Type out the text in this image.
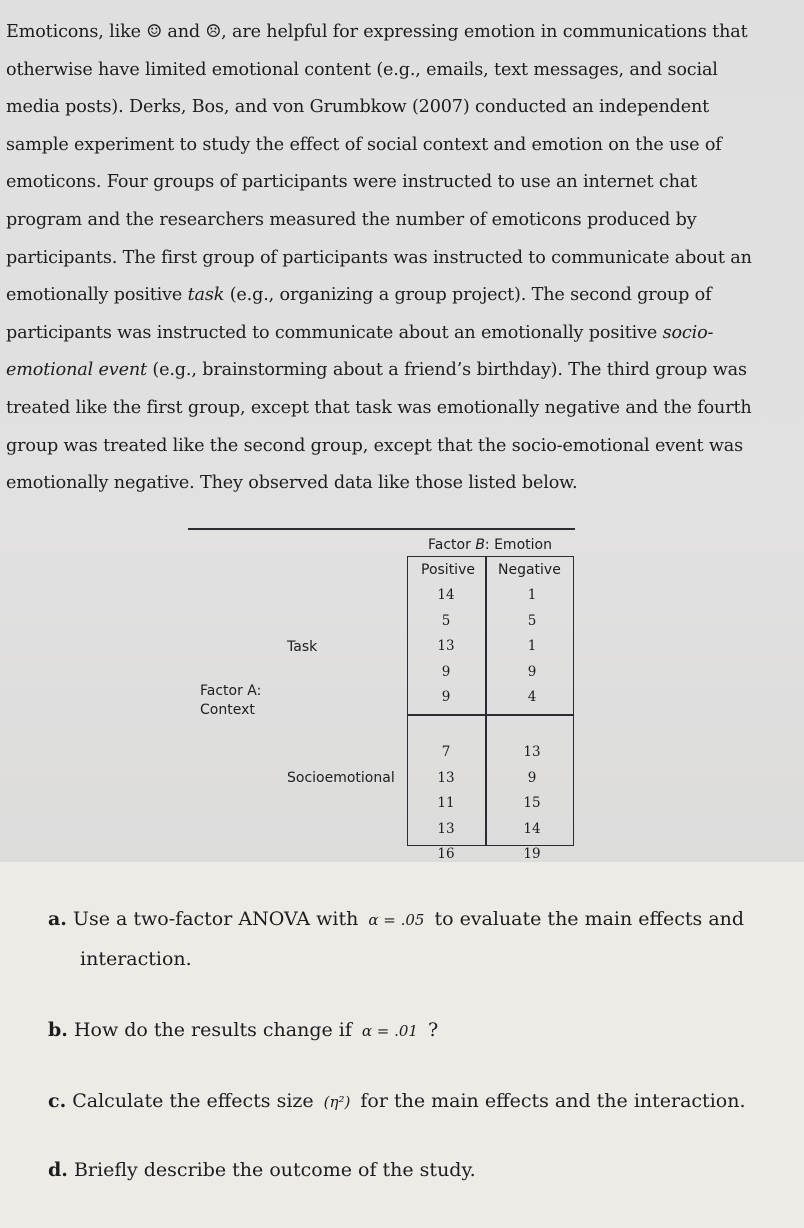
Emoticons, like ☺ and ☹, are helpful for expressing emotion in communications that
otherwise have limited emotional content (e.g., emails, text messages, and social
media posts). Derks, Bos, and von Grumbkow (2007) conducted an independent
sample experiment to study the effect of social context and emotion on the use of
emoticons. Four groups of participants were instructed to use an internet chat
program and the researchers measured the number of emoticons produced by
participants. The first group of participants was instructed to communicate about an
emotionally positive task (e.g., organizing a group project). The second group of
participants was instructed to communicate about an emotionally positive socio-
emotional event (e.g., brainstorming about a friend’s birthday). The third group was
treated like the first group, except that task was emotionally negative and the fourth
group was treated like the second group, except that the socio-emotional event was
emotionally negative. They observed data like those listed below.
Factor B: Emotion
Positive Negative
Factor A:
Context
Task
Socioemotional
14
5
13
9
9
1
5
1
9
4
7
13
11
13
16
13
9
15
14
19
a. Use a two-factor ANOVA with α = .05 to evaluate the main effects and
interaction.
b. How do the results change if α = .01 ?
c. Calculate the effects size (η²) for the main effects and the interaction.
d. Briefly describe the outcome of the study.
